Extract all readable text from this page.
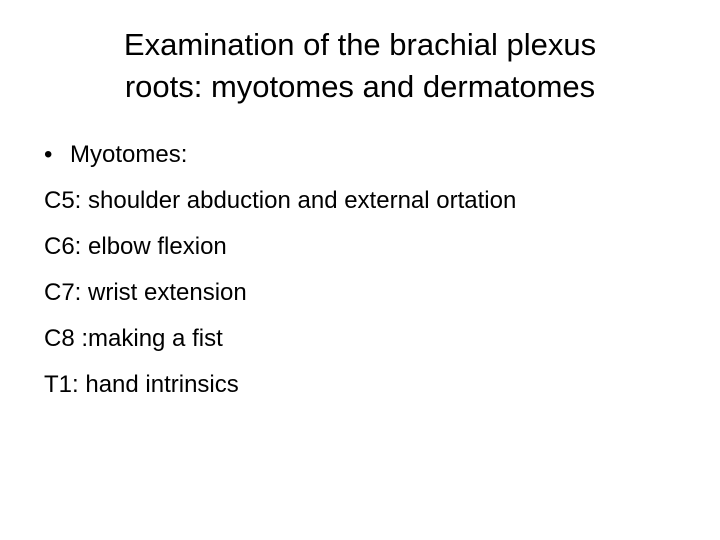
Examination of the brachial plexus
roots: myotomes and dermatomes
• Myotomes:
C5: shoulder abduction and external ortation
C6: elbow flexion
C7: wrist extension
C8 :making a fist
T1: hand intrinsics
